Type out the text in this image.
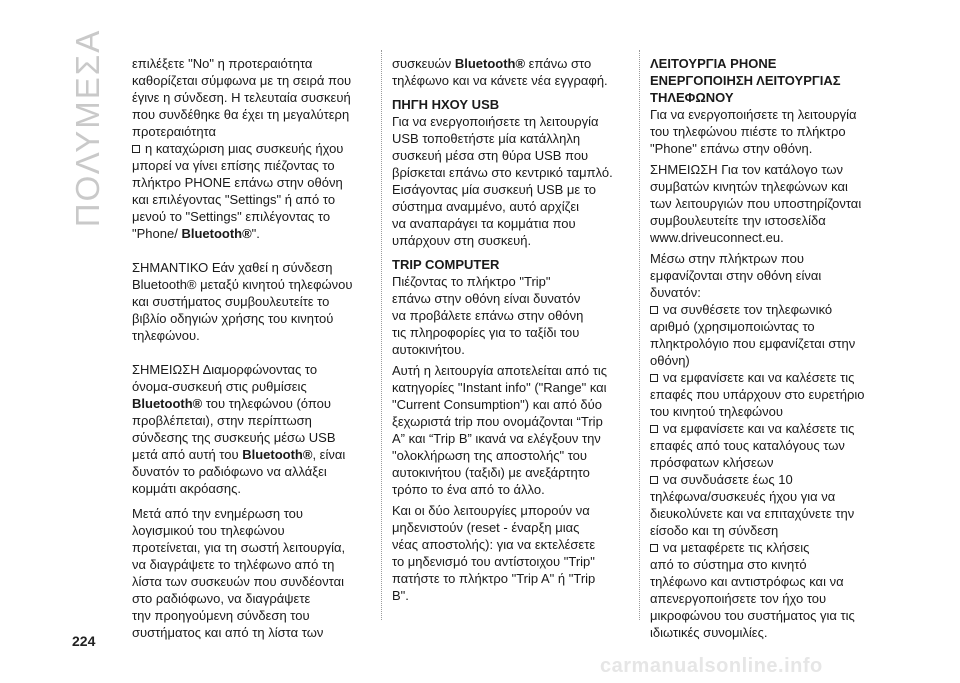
ΠΟΛΥΜΕΣΑ
224

επιλέξετε "No" η προτεραιότητα

καθορίζεται σύμφωνα με τη σειρά που

έγινε η σύνδεση. Η τελευταία συσκευή

που συνδέθηκε θα έχει τη μεγαλύτερη

προτεραιότητα

η καταχώριση μιας συσκευής ήχου

μπορεί να γίνει επίσης πιέζοντας το

πλήκτρο PHONE επάνω στην οθόνη

και επιλέγοντας "Settings" ή από το

μενού το "Settings" επιλέγοντας το

"Phone/ Bluetooth®".

ΣΗΜΑΝΤΙΚΟ Εάν χαθεί η σύνδεση

Bluetooth® μεταξύ κινητού τηλεφώνου

και συστήματος συμβουλευτείτε το

βιβλίο οδηγιών χρήσης του κινητού

τηλεφώνου.

ΣΗΜΕΙΩΣΗ Διαμορφώνοντας το

όνομα-συσκευή στις ρυθμίσεις

Bluetooth® του τηλεφώνου (όπου

προβλέπεται), στην περίπτωση

σύνδεσης της συσκευής μέσω USB

μετά από αυτή του Bluetooth®, είναι

δυνατόν το ραδιόφωνο να αλλάξει

κομμάτι ακρόασης.

Μετά από την ενημέρωση του

λογισμικού του τηλεφώνου

προτείνεται, για τη σωστή λειτουργία,

να διαγράψετε το τηλέφωνο από τη

λίστα των συσκευών που συνδέονται

στο ραδιόφωνο, να διαγράψετε

την προηγούμενη σύνδεση του

συστήματος και από τη λίστα των

συσκευών Bluetooth® επάνω στο

τηλέφωνο και να κάνετε νέα εγγραφή.

ΠΗΓΗ ΗΧΟΥ USB

Για να ενεργοποιήσετε τη λειτουργία

USB τοποθετήστε μία κατάλληλη

συσκευή μέσα στη θύρα USB που

βρίσκεται επάνω στο κεντρικό ταμπλό.

Εισάγοντας μία συσκευή USB με το

σύστημα αναμμένο, αυτό αρχίζει

να αναπαράγει τα κομμάτια που

υπάρχουν στη συσκευή.

TRIP COMPUTER

Πιέζοντας το πλήκτρο "Trip"

επάνω στην οθόνη είναι δυνατόν

να προβάλετε επάνω στην οθόνη

τις πληροφορίες για το ταξίδι του

αυτοκινήτου.

Αυτή η λειτουργία αποτελείται από τις

κατηγορίες "Instant info" ("Range" και

"Current Consumption") και από δύο

ξεχωριστά trip που ονομάζονται “Trip

A” και “Trip B” ικανά να ελέγξουν την

"ολοκλήρωση της αποστολής" του

αυτοκινήτου (ταξιδι) με ανεξάρτητο

τρόπο το ένα από το άλλο.

Και οι δύο λειτουργίες μπορούν να

μηδενιστούν (reset - έναρξη μιας

νέας αποστολής): για να εκτελέσετε

το μηδενισμό του αντίστοιχου "Trip"

πατήστε το πλήκτρο "Trip A" ή "Trip

B".

ΛΕΙΤΟΥΡΓΙΑ PHONE

ΕΝΕΡΓΟΠΟΙΗΣΗ ΛΕΙΤΟΥΡΓΙΑΣ

ΤΗΛΕΦΩΝΟΥ

Για να ενεργοποιήσετε τη λειτουργία

του τηλεφώνου πιέστε το πλήκτρο

"Phone" επάνω στην οθόνη.

ΣΗΜΕΙΩΣΗ Για τον κατάλογο των

συμβατών κινητών τηλεφώνων και

των λειτουργιών που υποστηρίζονται

συμβουλευτείτε την ιστοσελίδα

www.driveuconnect.eu.

Μέσω στην πλήκτρων που

εμφανίζονται στην οθόνη είναι

δυνατόν:

να συνθέσετε τον τηλεφωνικό

αριθμό (χρησιμοποιώντας το

πληκτρολόγιο που εμφανίζεται στην

οθόνη)

να εμφανίσετε και να καλέσετε τις

επαφές που υπάρχουν στο ευρετήριο

του κινητού τηλεφώνου

να εμφανίσετε και να καλέσετε τις

επαφές από τους καταλόγους των

πρόσφατων κλήσεων

να συνδυάσετε έως 10

τηλέφωνα/συσκευές ήχου για να

διευκολύνετε και να επιταχύνετε την

είσοδο και τη σύνδεση

να μεταφέρετε τις κλήσεις

από το σύστημα στο κινητό

τηλέφωνο και αντιστρόφως και να

απενεργοποιήσετε τον ήχο του

μικροφώνου του συστήματος για τις

ιδιωτικές συνομιλίες.

carmanualsonline.info
